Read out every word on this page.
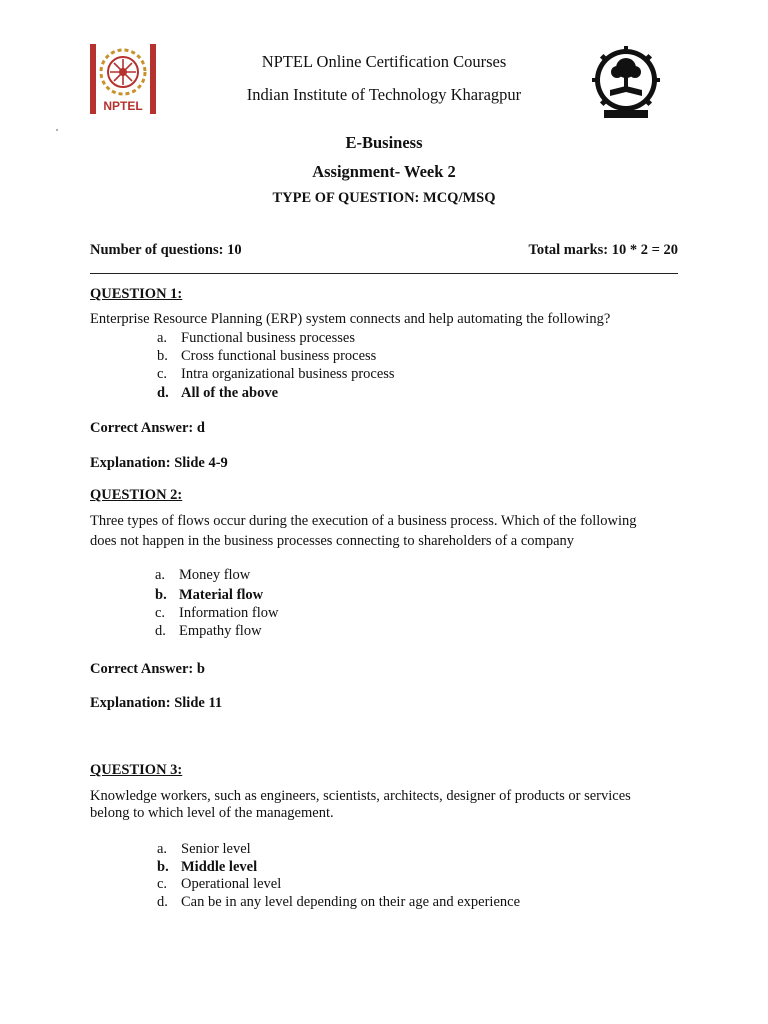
NPTEL
NPTEL Online Certification Courses
Indian Institute of Technology Kharagpur
E-Business
Assignment- Week 2
TYPE OF QUESTION: MCQ/MSQ
Number of questions: 10	Total marks: 10 * 2 = 20
QUESTION 1:
Enterprise Resource Planning (ERP) system connects and help automating the following?
a. Functional business processes
b. Cross functional business process
c. Intra organizational business process
d. All of the above
Correct Answer: d
Explanation: Slide 4-9
QUESTION 2:
Three types of flows occur during the execution of a business process. Which of the following
does not happen in the business processes connecting to shareholders of a company
a. Money flow
b. Material flow
c. Information flow
d. Empathy flow
Correct Answer: b
Explanation: Slide 11
QUESTION 3:
Knowledge workers, such as engineers, scientists, architects, designer of products or services
belong to which level of the management.
a. Senior level
b. Middle level
c. Operational level
d. Can be in any level depending on their age and experience
